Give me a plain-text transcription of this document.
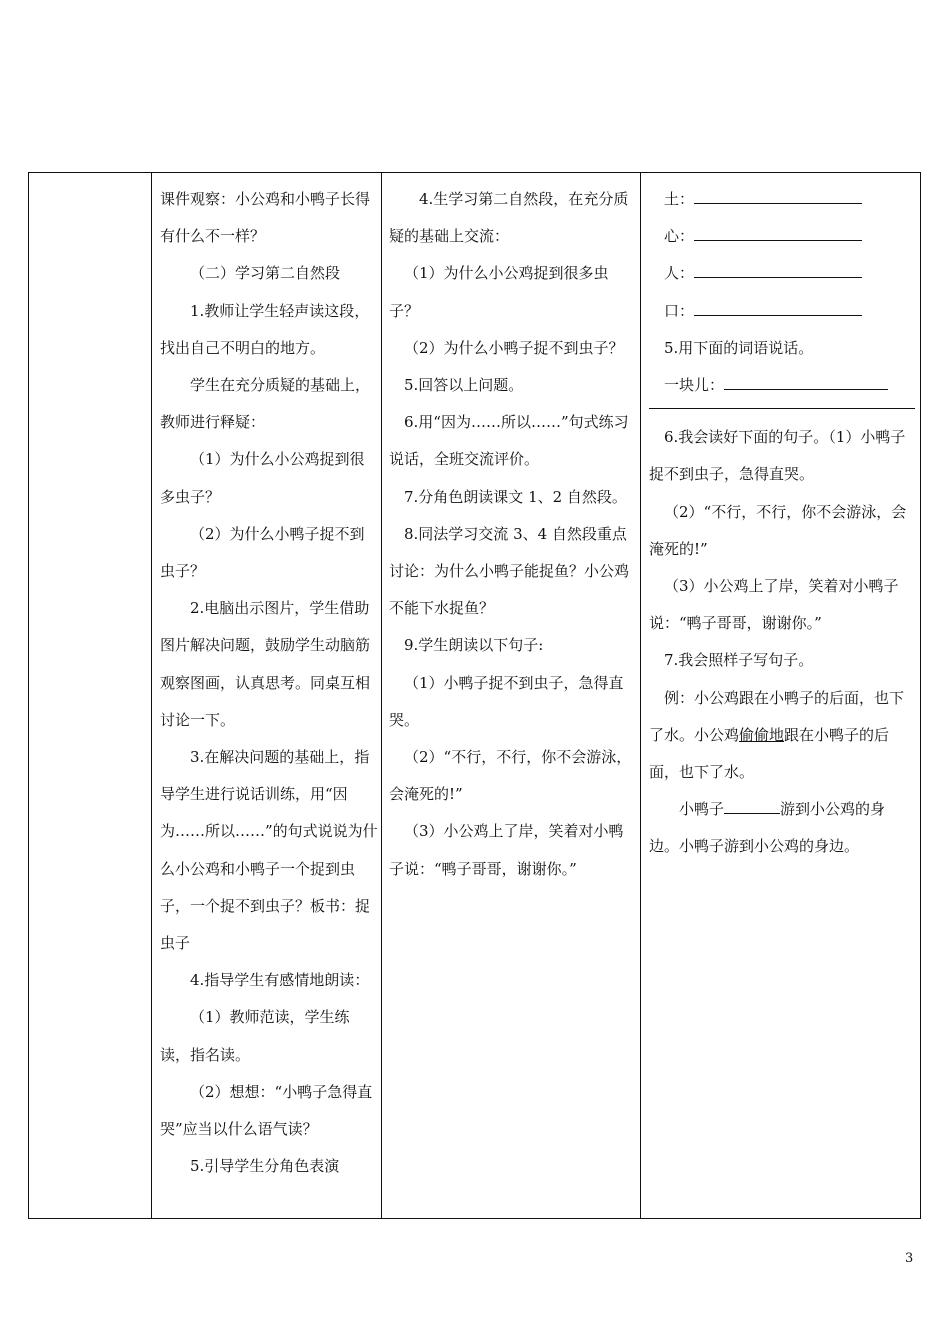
课件观察：小公鸡和小鸭子长得有什么不一样？

（二）学习第二自然段

1.教师让学生轻声读这段，找出自己不明白的地方。

学生在充分质疑的基础上，教师进行释疑：

（1）为什么小公鸡捉到很多虫子？

（2）为什么小鸭子捉不到虫子？

2.电脑出示图片，学生借助图片解决问题，鼓励学生动脑筋观察图画，认真思考。同桌互相讨论一下。

3.在解决问题的基础上，指导学生进行说话训练，用“因为……所以……”的句式说说为什么小公鸡和小鸭子一个捉到虫子，一个捉不到虫子？板书：捉虫子

4.指导学生有感情地朗读：

（1）教师范读，学生练读，指名读。

（2）想想：“小鸭子急得直哭”应当以什么语气读？

5.引导学生分角色表演

4.生学习第二自然段，在充分质疑的基础上交流：

（1）为什么小公鸡捉到很多虫子？

（2）为什么小鸭子捉不到虫子？

5.回答以上问题。

6.用“因为……所以……”句式练习说话，全班交流评价。

7.分角色朗读课文 1、2 自然段。

8.同法学习交流 3、4 自然段重点讨论：为什么小鸭子能捉鱼？小公鸡不能下水捉鱼？

9.学生朗读以下句子:

（1）小鸭子捉不到虫子，急得直哭。

（2）“不行，不行，你不会游泳，会淹死的!”

（3）小公鸡上了岸，笑着对小鸭子说：“鸭子哥哥，谢谢你。”

土：

心：

人：

口：

5.用下面的词语说话。

一块儿：

6.我会读好下面的句子。（1）小鸭子捉不到虫子，急得直哭。

（2）“不行，不行，你不会游泳，会淹死的!”

（3）小公鸡上了岸，笑着对小鸭子说：“鸭子哥哥，谢谢你。”

7.我会照样子写句子。

例：小公鸡跟在小鸭子的后面，也下了水。小公鸡偷偷地跟在小鸭子的后面，也下了水。

小鸭子	游到小公鸡的身边。小鸭子游到小公鸡的身边。

3
